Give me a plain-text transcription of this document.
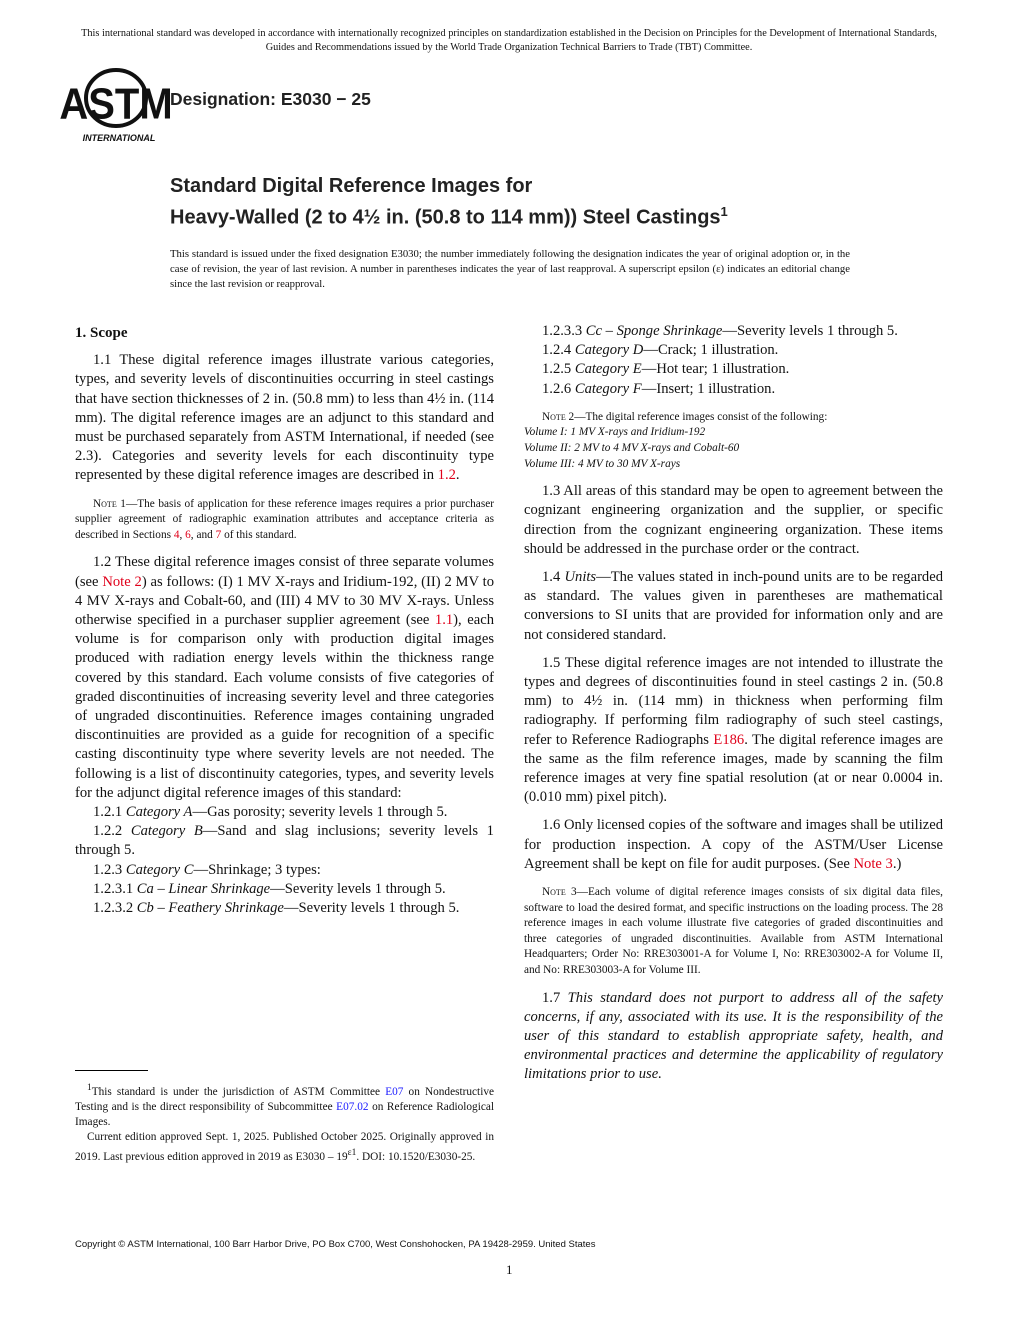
This international standard was developed in accordance with internationally recognized principles on standardization established in the Decision on Principles for the Development of International Standards, Guides and Recommendations issued by the World Trade Organization Technical Barriers to Trade (TBT) Committee.
ASTM
INTERNATIONAL
Designation: E3030 − 25
Standard Digital Reference Images for
Heavy-Walled (2 to 4½ in. (50.8 to 114 mm)) Steel Castings$^1$
This standard is issued under the fixed designation E3030; the number immediately following the designation indicates the year of original adoption or, in the case of revision, the year of last revision. A number in parentheses indicates the year of last reapproval. A superscript epsilon (ε) indicates an editorial change since the last revision or reapproval.

1. Scope

1.1 These digital reference images illustrate various categories, types, and severity levels of discontinuities occurring in steel castings that have section thicknesses of 2 in. (50.8 mm) to less than 4½ in. (114 mm). The digital reference images are an adjunct to this standard and must be purchased separately from ASTM International, if needed (see 2.3). Categories and severity levels for each discontinuity type represented by these digital reference images are described in 1.2.

Note 1—The basis of application for these reference images requires a prior purchaser supplier agreement of radiographic examination attributes and acceptance criteria as described in Sections 4, 6, and 7 of this standard.

1.2 These digital reference images consist of three separate volumes (see Note 2) as follows: (I) 1 MV X-rays and Iridium-192, (II) 2 MV to 4 MV X-rays and Cobalt-60, and (III) 4 MV to 30 MV X-rays. Unless otherwise specified in a purchaser supplier agreement (see 1.1), each volume is for comparison only with production digital images produced with radiation energy levels within the thickness range covered by this standard. Each volume consists of five categories of graded discontinuities of increasing severity level and three categories of ungraded discontinuities. Reference images containing ungraded discontinuities are provided as a guide for recognition of a specific casting discontinuity type where severity levels are not needed. The following is a list of discontinuity categories, types, and severity levels for the adjunct digital reference images of this standard:

1.2.1 Category A—Gas porosity; severity levels 1 through 5.

1.2.2 Category B—Sand and slag inclusions; severity levels 1 through 5.

1.2.3 Category C—Shrinkage; 3 types:

1.2.3.1 Ca – Linear Shrinkage—Severity levels 1 through 5.

1.2.3.2 Cb – Feathery Shrinkage—Severity levels 1 through 5.

1.2.3.3 Cc – Sponge Shrinkage—Severity levels 1 through 5.

1.2.4 Category D—Crack; 1 illustration.

1.2.5 Category E—Hot tear; 1 illustration.

1.2.6 Category F—Insert; 1 illustration.

Note 2—The digital reference images consist of the following:
Volume I: 1 MV X-rays and Iridium-192
Volume II: 2 MV to 4 MV X-rays and Cobalt-60
Volume III: 4 MV to 30 MV X-rays

1.3 All areas of this standard may be open to agreement between the cognizant engineering organization and the supplier, or specific direction from the cognizant engineering organization. These items should be addressed in the purchase order or the contract.

1.4 Units—The values stated in inch-pound units are to be regarded as standard. The values given in parentheses are mathematical conversions to SI units that are provided for information only and are not considered standard.

1.5 These digital reference images are not intended to illustrate the types and degrees of discontinuities found in steel castings 2 in. (50.8 mm) to 4½ in. (114 mm) in thickness when performing film radiography. If performing film radiography of such steel castings, refer to Reference Radiographs E186. The digital reference images are the same as the film reference images, made by scanning the film reference images at very fine spatial resolution (at or near 0.0004 in. (0.010 mm) pixel pitch).

1.6 Only licensed copies of the software and images shall be utilized for production inspection. A copy of the ASTM/User License Agreement shall be kept on file for audit purposes. (See Note 3.)

Note 3—Each volume of digital reference images consists of six digital data files, software to load the desired format, and specific instructions on the loading process. The 28 reference images in each volume illustrate five categories of graded discontinuities and three categories of ungraded discontinuities. Available from ASTM International Headquarters; Order No: RRE303001-A for Volume I, No: RRE303002-A for Volume II, and No: RRE303003-A for Volume III.

1.7 This standard does not purport to address all of the safety concerns, if any, associated with its use. It is the responsibility of the user of this standard to establish appropriate safety, health, and environmental practices and determine the applicability of regulatory limitations prior to use.

$^1$This standard is under the jurisdiction of ASTM Committee E07 on Nondestructive Testing and is the direct responsibility of Subcommittee E07.02 on Reference Radiological Images.

Current edition approved Sept. 1, 2025. Published October 2025. Originally approved in 2019. Last previous edition approved in 2019 as $E3030 - 19^{\varepsilon 1}$. DOI: 10.1520/E3030-25.

Copyright © ASTM International, 100 Barr Harbor Drive, PO Box C700, West Conshohocken, PA 19428-2959. United States
1
